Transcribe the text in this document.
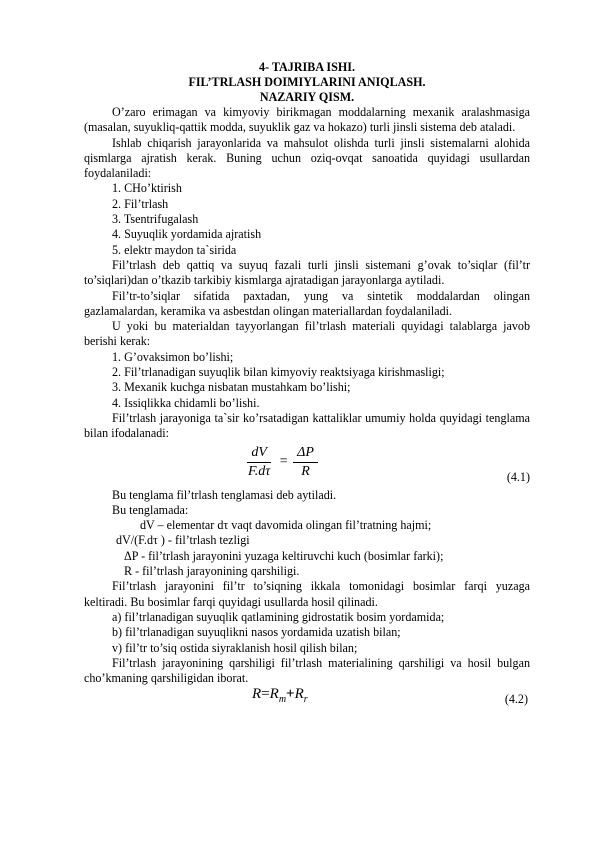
4- TAJRIBA ISHI.

FIL’TRLASH DOIMIYLARINI ANIQLASH.

NAZARIY QISM.

O’zaro erimagan va kimyoviy birikmagan moddalarning mexanik aralashmasiga (masalan, suyukliq-qattik modda, suyuklik gaz va hokazo) turli jinsli sistema deb ataladi.

Ishlab chiqarish jarayonlarida va mahsulot olishda turli jinsli sistemalarni alohida qismlarga ajratish kerak. Buning uchun oziq-ovqat sanoatida quyidagi usullardan foydalaniladi:

1. CHo’ktirish
2. Fil’trlash
3. Tsentrifugalash
4. Suyuqlik yordamida ajratish
5. elektr maydon ta`sirida

Fil’trlash deb qattiq va suyuq fazali turli jinsli sistemani g’ovak to’siqlar (fil’tr to’siqlari)dan o’tkazib tarkibiy kismlarga ajratadigan jarayonlarga aytiladi.

Fil’tr-to’siqlar sifatida paxtadan, yung va sintetik moddalardan olingan gazlamalardan, keramika va asbestdan olingan materiallardan foydalaniladi.

U yoki bu materialdan tayyorlangan fil’trlash materiali quyidagi talablarga javob berishi kerak:

1. G’ovaksimon bo’lishi;
2. Fil’trlanadigan suyuqlik bilan kimyoviy reaktsiyaga kirishmasligi;
3. Mexanik kuchga nisbatan mustahkam bo’lishi;
4. Issiqlikka chidamli bo’lishi.

Fil’trlash jarayoniga ta`sir ko’rsatadigan kattaliklar umumiy holda quyidagi tenglama bilan ifodalanadi:

$\frac{dV}{F.d\tau} = \frac{\Delta P}{R}$	(4.1)

Bu tenglama fil’trlash tenglamasi deb aytiladi.

Bu tenglamada:

dV – elementar dτ vaqt davomida olingan fil’tratning hajmi;
dV/(F.dτ ) - fil’trlash tezligi
ΔP - fil’trlash jarayonini yuzaga keltiruvchi kuch (bosimlar farki);
R - fil’trlash jarayonining qarshiligi.

Fil’trlash jarayonini fil’tr to’siqning ikkala tomonidagi bosimlar farqi yuzaga keltiradi. Bu bosimlar farqi quyidagi usullarda hosil qilinadi.

a) fil’trlanadigan suyuqlik qatlamining gidrostatik bosim yordamida;
b) fil’trlanadigan suyuqlikni nasos yordamida uzatish bilan;
v) fil’tr to’siq ostida siyraklanish hosil qilish bilan;

Fil’trlash jarayonining qarshiligi fil’trlash materialining qarshiligi va hosil bulgan cho’kmaning qarshiligidan iborat.

$R=R_m+R_r$	(4.2)
